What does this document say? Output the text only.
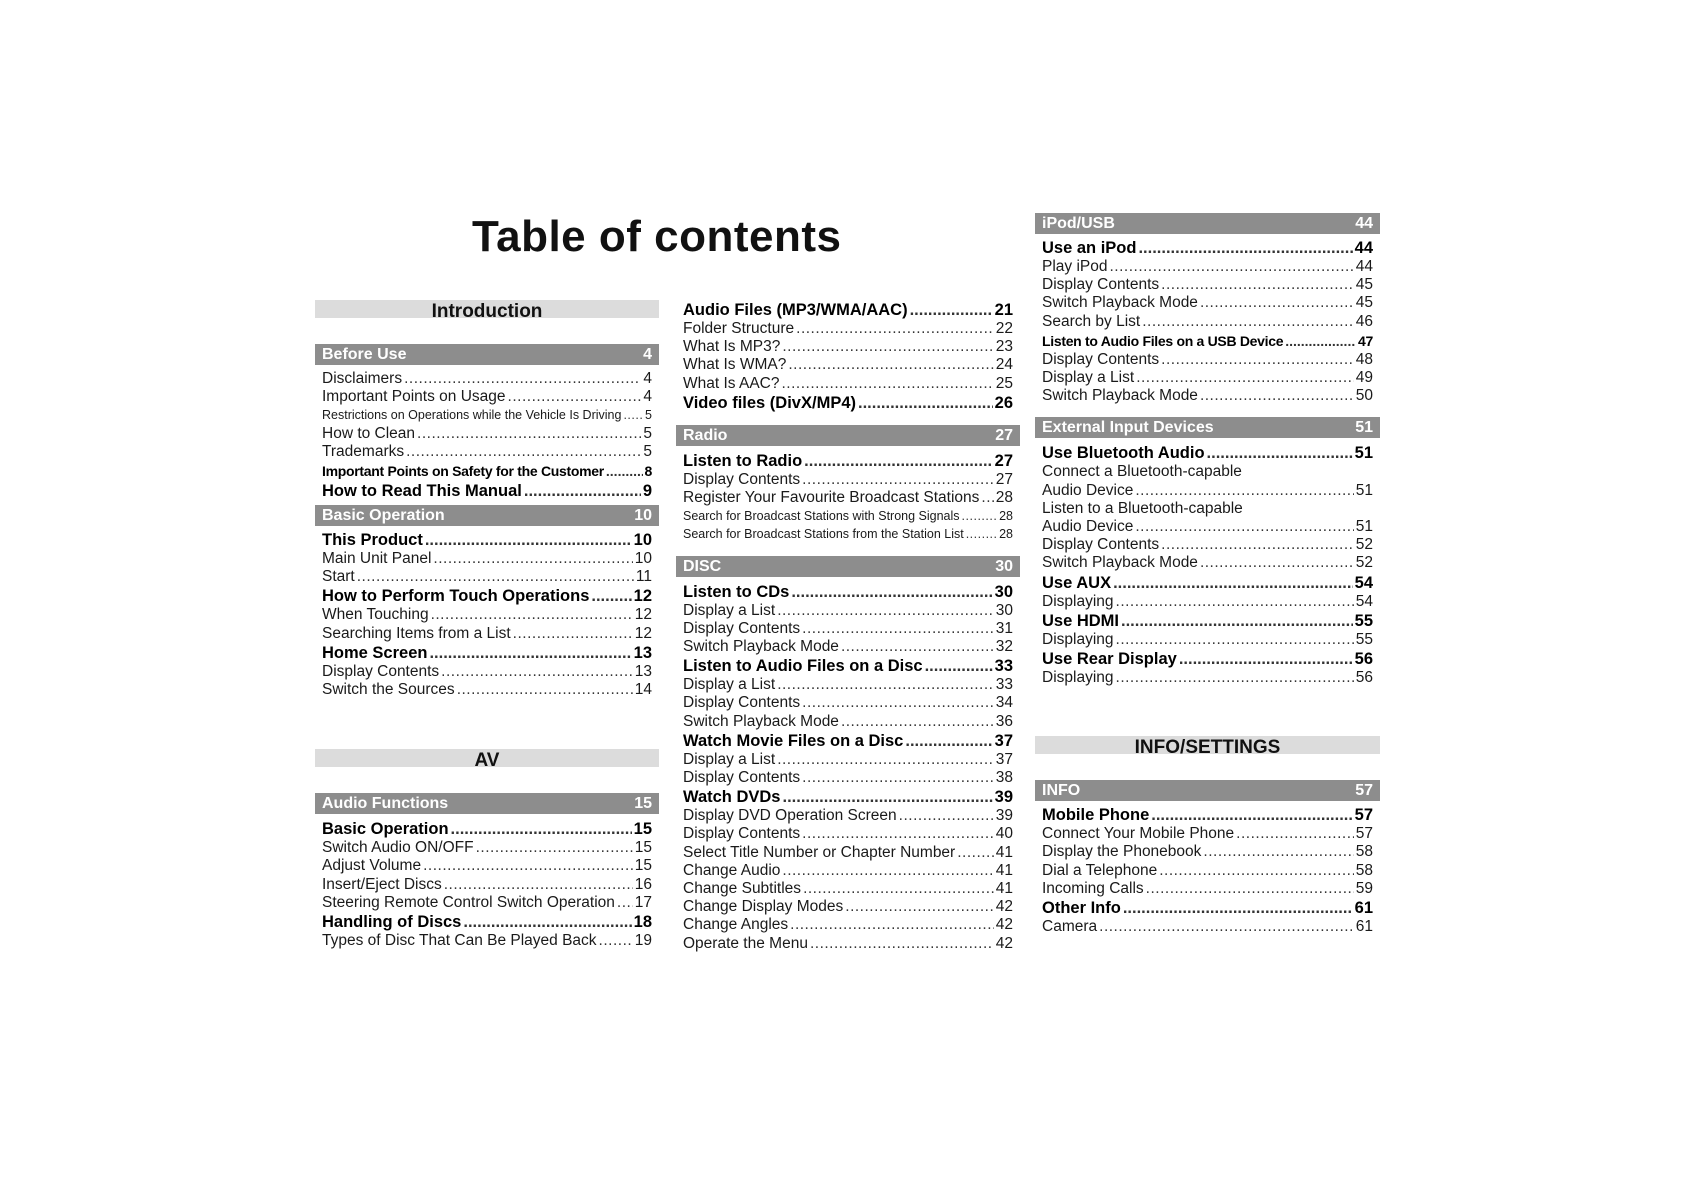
Table of contents
Introduction
Before Use	4
Disclaimers .....	4
Important Points on Usage .....	4
Restrictions on Operations while the Vehicle Is Driving ..... 5
How to Clean .....	5
Trademarks .....	5
Important Points on Safety for the Customer .....	8
How to Read This Manual .....	9
Basic Operation	10
This Product .....	10
Main Unit Panel .....	10
Start .....	11
How to Perform Touch Operations .....	12
When Touching .....	12
Searching Items from a List .....	12
Home Screen .....	13
Display Contents .....	13
Switch the Sources .....	14
AV
Audio Functions	15
Basic Operation .....	15
Switch Audio ON/OFF .....	15
Adjust Volume .....	15
Insert/Eject Discs .....	16
Steering Remote Control Switch Operation ..... 17
Handling of Discs .....	18
Types of Disc That Can Be Played Back ..... 19
Audio Files (MP3/WMA/AAC) .....	21
Folder Structure .....	22
What Is MP3? .....	23
What Is WMA? .....	24
What Is AAC? .....	25
Video files (DivX/MP4) .....	26
Radio	27
Listen to Radio .....	27
Display Contents .....	27
Register Your Favourite Broadcast Stations ..... 28
Search for Broadcast Stations with Strong Signals .....	28
Search for Broadcast Stations from the Station List .....	28
DISC	30
Listen to CDs .....	30
Display a List .....	30
Display Contents .....	31
Switch Playback Mode .....	32
Listen to Audio Files on a Disc .....	33
Display a List .....	33
Display Contents .....	34
Switch Playback Mode .....	36
Watch Movie Files on a Disc .....	37
Display a List .....	37
Display Contents .....	38
Watch DVDs .....	39
Display DVD Operation Screen .....	39
Display Contents .....	40
Select Title Number or Chapter Number .....	41
Change Audio .....	41
Change Subtitles .....	41
Change Display Modes .....	42
Change Angles .....	42
Operate the Menu .....	42
iPod/USB	44
Use an iPod .....	44
Play iPod .....	44
Display Contents .....	45
Switch Playback Mode .....	45
Search by List .....	46
Listen to Audio Files on a USB Device .....	47
Display Contents .....	48
Display a List .....	49
Switch Playback Mode .....	50
External Input Devices	51
Use Bluetooth Audio .....	51
Connect a Bluetooth-capable
Audio Device .....	51
Listen to a Bluetooth-capable
Audio Device .....	51
Display Contents .....	52
Switch Playback Mode .....	52
Use AUX .....	54
Displaying .....	54
Use HDMI .....	55
Displaying .....	55
Use Rear Display .....	56
Displaying .....	56
INFO/SETTINGS
INFO	57
Mobile Phone .....	57
Connect Your Mobile Phone .....	57
Display the Phonebook .....	58
Dial a Telephone .....	58
Incoming Calls .....	59
Other Info .....	61
Camera .....	61
